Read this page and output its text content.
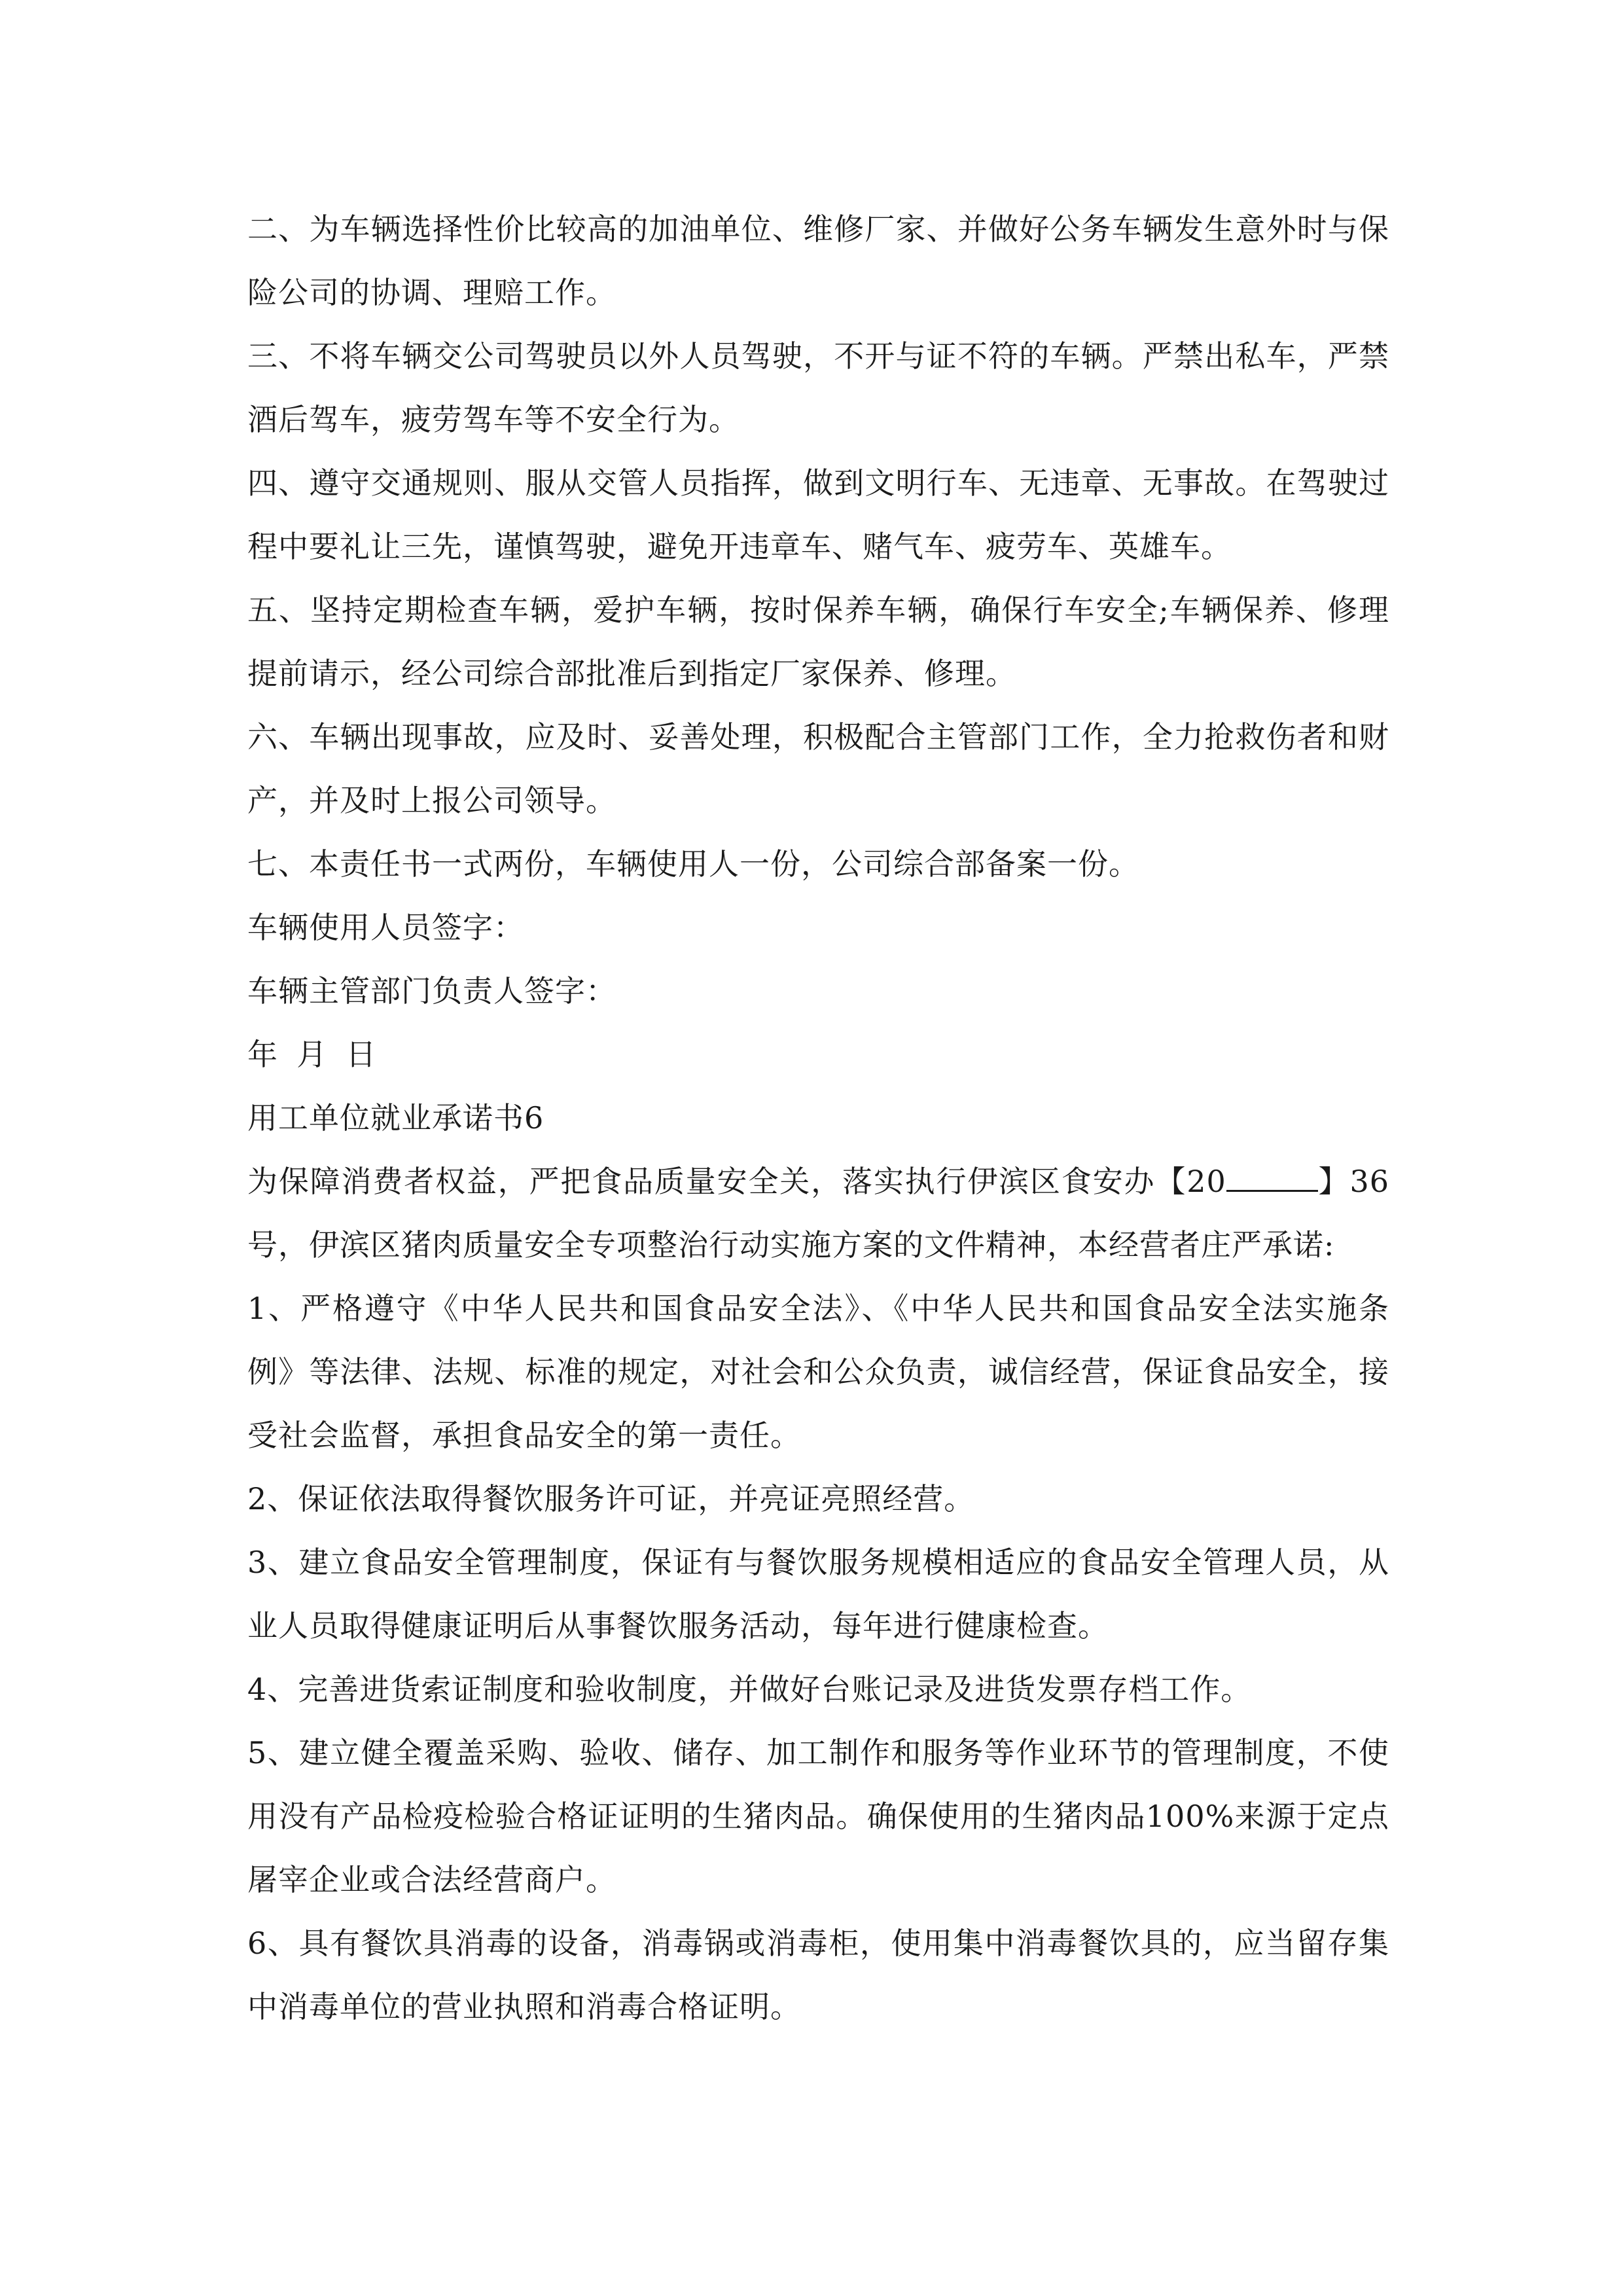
二、为车辆选择性价比较高的加油单位、维修厂家、并做好公务车辆发生意外时与保险公司的协调、理赔工作。

三、不将车辆交公司驾驶员以外人员驾驶，不开与证不符的车辆。严禁出私车，严禁酒后驾车，疲劳驾车等不安全行为。

四、遵守交通规则、服从交管人员指挥，做到文明行车、无违章、无事故。在驾驶过程中要礼让三先，谨慎驾驶，避免开违章车、赌气车、疲劳车、英雄车。

五、坚持定期检查车辆，爱护车辆，按时保养车辆，确保行车安全;车辆保养、修理提前请示，经公司综合部批准后到指定厂家保养、修理。

六、车辆出现事故，应及时、妥善处理，积极配合主管部门工作，全力抢救伤者和财产，并及时上报公司领导。

七、本责任书一式两份，车辆使用人一份，公司综合部备案一份。

车辆使用人员签字：

车辆主管部门负责人签字：

年  月  日

用工单位就业承诺书6

为保障消费者权益，严把食品质量安全关，落实执行伊滨区食安办【20	】36号，伊滨区猪肉质量安全专项整治行动实施方案的文件精神，本经营者庄严承诺:

1、严格遵守《中华人民共和国食品安全法》、《中华人民共和国食品安全法实施条例》等法律、法规、标准的规定，对社会和公众负责，诚信经营，保证食品安全，接受社会监督，承担食品安全的第一责任。

2、保证依法取得餐饮服务许可证，并亮证亮照经营。

3、建立食品安全管理制度，保证有与餐饮服务规模相适应的食品安全管理人员，从业人员取得健康证明后从事餐饮服务活动，每年进行健康检查。

4、完善进货索证制度和验收制度，并做好台账记录及进货发票存档工作。

5、建立健全覆盖采购、验收、储存、加工制作和服务等作业环节的管理制度，不使用没有产品检疫检验合格证证明的生猪肉品。确保使用的生猪肉品100%来源于定点屠宰企业或合法经营商户。

6、具有餐饮具消毒的设备，消毒锅或消毒柜，使用集中消毒餐饮具的，应当留存集中消毒单位的营业执照和消毒合格证明。
